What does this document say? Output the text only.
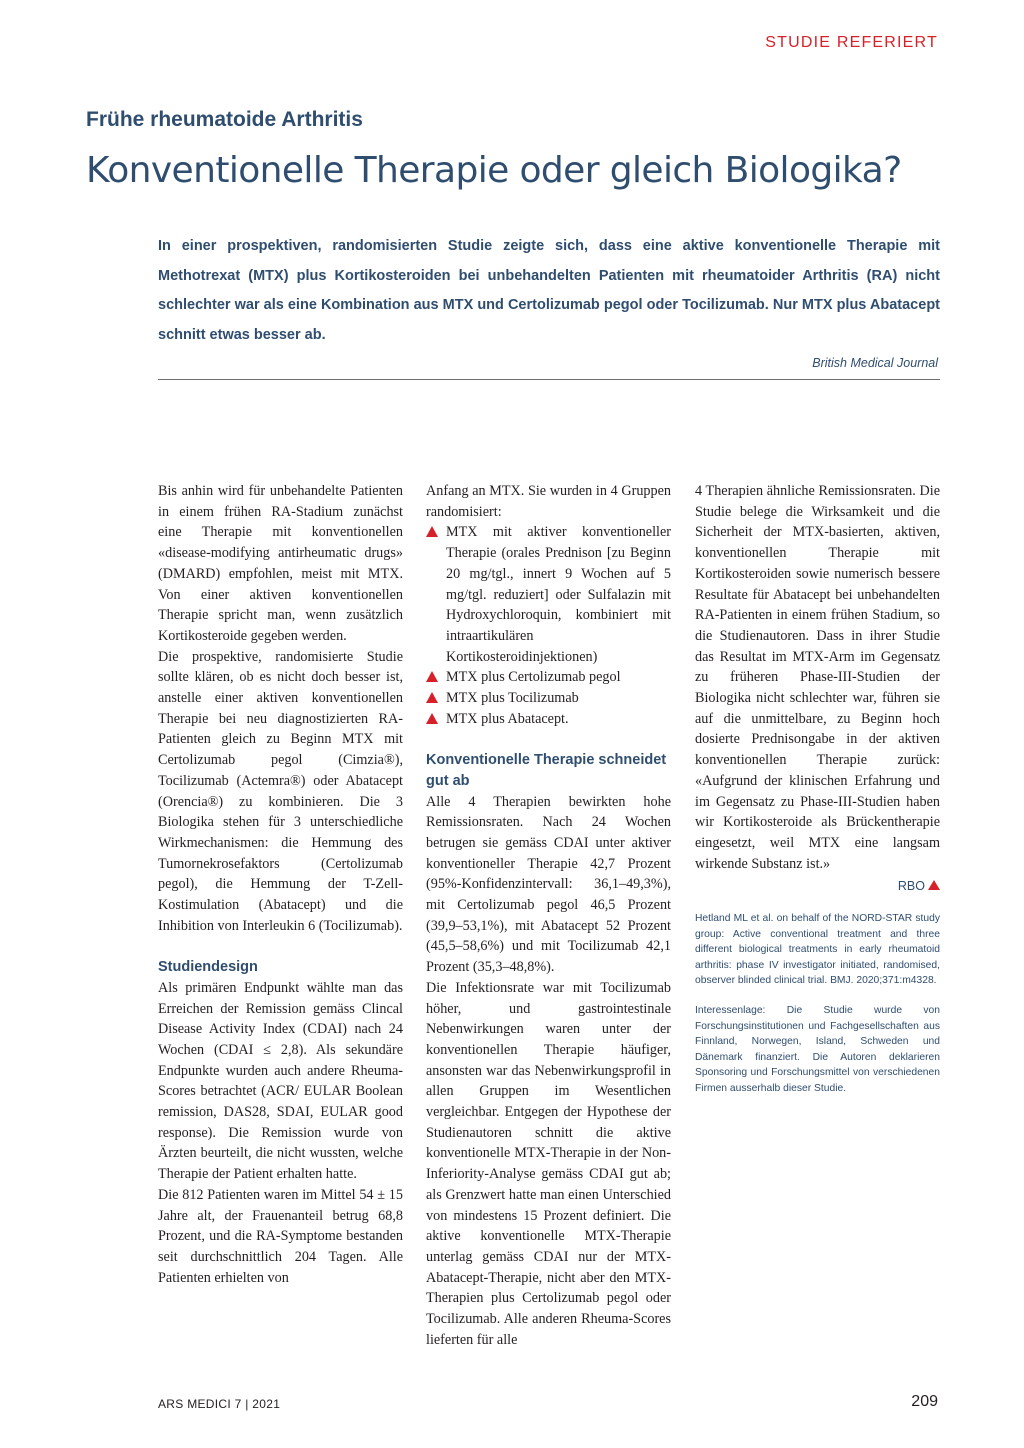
STUDIE REFERIERT
Frühe rheumatoide Arthritis
Konventionelle Therapie oder gleich Biologika?

In einer prospektiven, randomisierten Studie zeigte sich, dass eine aktive konventionelle Therapie mit Methotrexat (MTX) plus Kortikosteroiden bei unbehandelten Patienten mit rheumatoider Arthritis (RA) nicht schlechter war als eine Kombination aus MTX und Certolizumab pegol oder Tocilizumab. Nur MTX plus Abatacept schnitt etwas besser ab.

British Medical Journal

Bis anhin wird für unbehandelte Patienten in einem frühen RA-Stadium zunächst eine Therapie mit konventionellen «disease-modifying antirheumatic drugs» (DMARD) empfohlen, meist mit MTX. Von einer aktiven konventionellen Therapie spricht man, wenn zusätzlich Kortikosteroide gegeben werden.

Die prospektive, randomisierte Studie sollte klären, ob es nicht doch besser ist, anstelle einer aktiven konventionellen Therapie bei neu diagnostizierten RA-Patienten gleich zu Beginn MTX mit Certolizumab pegol (Cimzia®), Tocilizumab (Actemra®) oder Abatacept (Orencia®) zu kombinieren. Die 3 Biologika stehen für 3 unterschiedliche Wirkmechanismen: die Hemmung des Tumornekrosefaktors (Certolizumab pegol), die Hemmung der T-Zell-Kostimulation (Abatacept) und die Inhibition von Interleukin 6 (Tocilizumab).

Studiendesign

Als primären Endpunkt wählte man das Erreichen der Remission gemäss Clincal Disease Activity Index (CDAI) nach 24 Wochen (CDAI ≤ 2,8). Als sekundäre Endpunkte wurden auch andere Rheuma-Scores betrachtet (ACR/ EULAR Boolean remission, DAS28, SDAI, EULAR good response). Die Remission wurde von Ärzten beurteilt, die nicht wussten, welche Therapie der Patient erhalten hatte.

Die 812 Patienten waren im Mittel 54 ± 15 Jahre alt, der Frauenanteil betrug 68,8 Prozent, und die RA-Symptome bestanden seit durchschnittlich 204 Tagen. Alle Patienten erhielten von

Anfang an MTX. Sie wurden in 4 Gruppen randomisiert:

MTX mit aktiver konventioneller Therapie (orales Prednison [zu Beginn 20 mg/tgl., innert 9 Wochen auf 5 mg/tgl. reduziert] oder Sulfalazin mit Hydroxychloroquin, kombiniert mit intraartikulären Kortikosteroidinjektionen)
MTX plus Certolizumab pegol
MTX plus Tocilizumab
MTX plus Abatacept.
Konventionelle Therapie schneidet gut ab

Alle 4 Therapien bewirkten hohe Remissionsraten. Nach 24 Wochen betrugen sie gemäss CDAI unter aktiver konventioneller Therapie 42,7 Prozent (95%-Konfidenzintervall: 36,1–49,3%), mit Certolizumab pegol 46,5 Prozent (39,9–53,1%), mit Abatacept 52 Prozent (45,5–58,6%) und mit Tocilizumab 42,1 Prozent (35,3–48,8%).

Die Infektionsrate war mit Tocilizumab höher, und gastrointestinale Nebenwirkungen waren unter der konventionellen Therapie häufiger, ansonsten war das Nebenwirkungsprofil in allen Gruppen im Wesentlichen vergleichbar. Entgegen der Hypothese der Studienautoren schnitt die aktive konventionelle MTX-Therapie in der Non-Inferiority-Analyse gemäss CDAI gut ab; als Grenzwert hatte man einen Unterschied von mindestens 15 Prozent definiert. Die aktive konventionelle MTX-Therapie unterlag gemäss CDAI nur der MTX-Abatacept-Therapie, nicht aber den MTX-Therapien plus Certolizumab pegol oder Tocilizumab. Alle anderen Rheuma-Scores lieferten für alle

4 Therapien ähnliche Remissionsraten. Die Studie belege die Wirksamkeit und die Sicherheit der MTX-basierten, aktiven, konventionellen Therapie mit Kortikosteroiden sowie numerisch bessere Resultate für Abatacept bei unbehandelten RA-Patienten in einem frühen Stadium, so die Studienautoren. Dass in ihrer Studie das Resultat im MTX-Arm im Gegensatz zu früheren Phase-III-Studien der Biologika nicht schlechter war, führen sie auf die unmittelbare, zu Beginn hoch dosierte Prednisongabe in der aktiven konventionellen Therapie zurück: «Aufgrund der klinischen Erfahrung und im Gegensatz zu Phase-III-Studien haben wir Kortikosteroide als Brückentherapie eingesetzt, weil MTX eine langsam wirkende Substanz ist.»

RBO

Hetland ML et al. on behalf of the NORD-STAR study group: Active conventional treatment and three different biological treatments in early rheumatoid arthritis: phase IV investigator initiated, randomised, observer blinded clinical trial. BMJ. 2020;371:m4328.

Interessenlage: Die Studie wurde von Forschungsinstitutionen und Fachgesellschaften aus Finnland, Norwegen, Island, Schweden und Dänemark finanziert. Die Autoren deklarieren Sponsoring und Forschungsmittel von verschiedenen Firmen ausserhalb dieser Studie.

ARS MEDICI 7 | 2021	209
